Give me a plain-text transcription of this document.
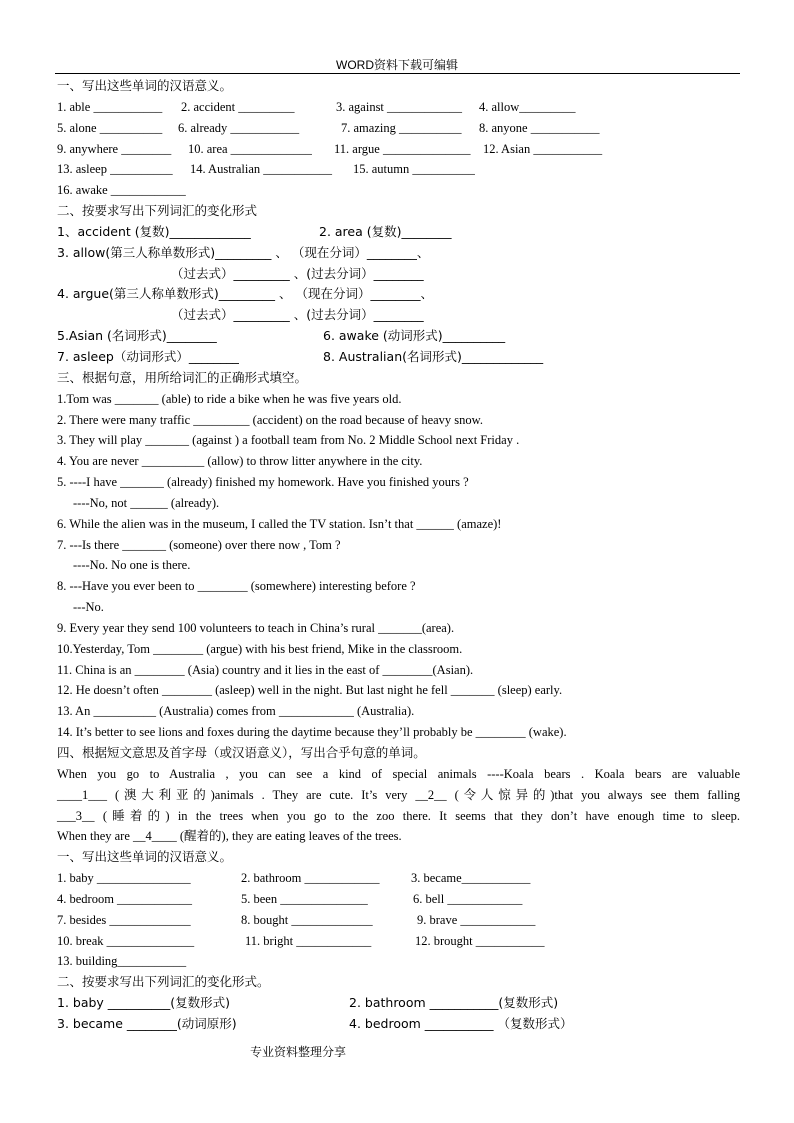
WORD资料下载可编辑
一、写出这些单词的汉语意义。
1. able ___________ 2. accident _________	3. against ____________ 4. allow_________
5. alone __________ 6. already ___________	7. amazing __________ 8. anyone ___________
9. anywhere ________ 10. area _____________ 11. argue ______________ 12. Asian ___________
13. asleep __________ 14. Australian ___________ 15. autumn __________
16. awake ____________
二、按要求写出下列词汇的变化形式
1、accident (复数)_____________	2. area (复数)________
3. allow(第三人称单数形式)_________ 、 （现在分词）________、
（过去式）_________ 、(过去分词）________
4. argue(第三人称单数形式)_________ 、 （现在分词）________、
（过去式）_________ 、(过去分词）________
5.Asian (名词形式)________	6. awake (动词形式)__________
7. asleep（动词形式）________	8. Australian(名词形式)_____________
三、根据句意，用所给词汇的正确形式填空。
1.Tom was _______ (able) to ride a bike when he was five years old.
2. There were many traffic _________ (accident) on the road because of heavy snow.
3. They will play _______ (against ) a football team from No. 2 Middle School next Friday .
4. You are never __________ (allow) to throw litter anywhere in the city.
5. ----I have _______ (already) finished my homework. Have you finished yours ?
----No, not ______ (already).
6. While the alien was in the museum, I called the TV station. Isn’t that ______ (amaze)!
7. ---Is there _______ (someone) over there now , Tom ?
----No. No one is there.
8. ---Have you ever been to ________ (somewhere) interesting before ?
---No.
9. Every year they send 100 volunteers to teach in China’s rural _______(area).
10.Yesterday, Tom ________ (argue) with his best friend, Mike in the classroom.
11. China is an ________ (Asia) country and it lies in the east of ________(Asian).
12. He doesn’t often ________ (asleep) well in the night. But last night he fell _______ (sleep) early.
13. An __________ (Australia) comes from ____________ (Australia).
14. It’s better to see lions and foxes during the daytime because they’ll probably be ________ (wake).
四、根据短文意思及首字母（或汉语意义），写出合乎句意的单词。
When you go to Australia , you can see a kind of special animals ----Koala bears . Koala bears are valuable
____1___ (澳大利亚的)animals . They are cute. It’s very __2__ (令人惊异的)that you always see them falling
___3__ (睡着的) in the trees when you go to the zoo there. It seems that they don’t have enough time to sleep.
When they are __4____ (醒着的), they are eating leaves of the trees.
一、写出这些单词的汉语意义。
1. baby _______________	2. bathroom ____________	3. became___________
4. bedroom ____________	5. been ______________	6. bell ____________
7. besides _____________	8. bought _____________	9. brave ____________
10. break ______________	11. bright ____________	12. brought ___________
13. building___________
二、按要求写出下列词汇的变化形式。
1. baby __________(复数形式)	2. bathroom ___________(复数形式)
3. became ________(动词原形)	4. bedroom ___________ （复数形式）
专业资料整理分享
